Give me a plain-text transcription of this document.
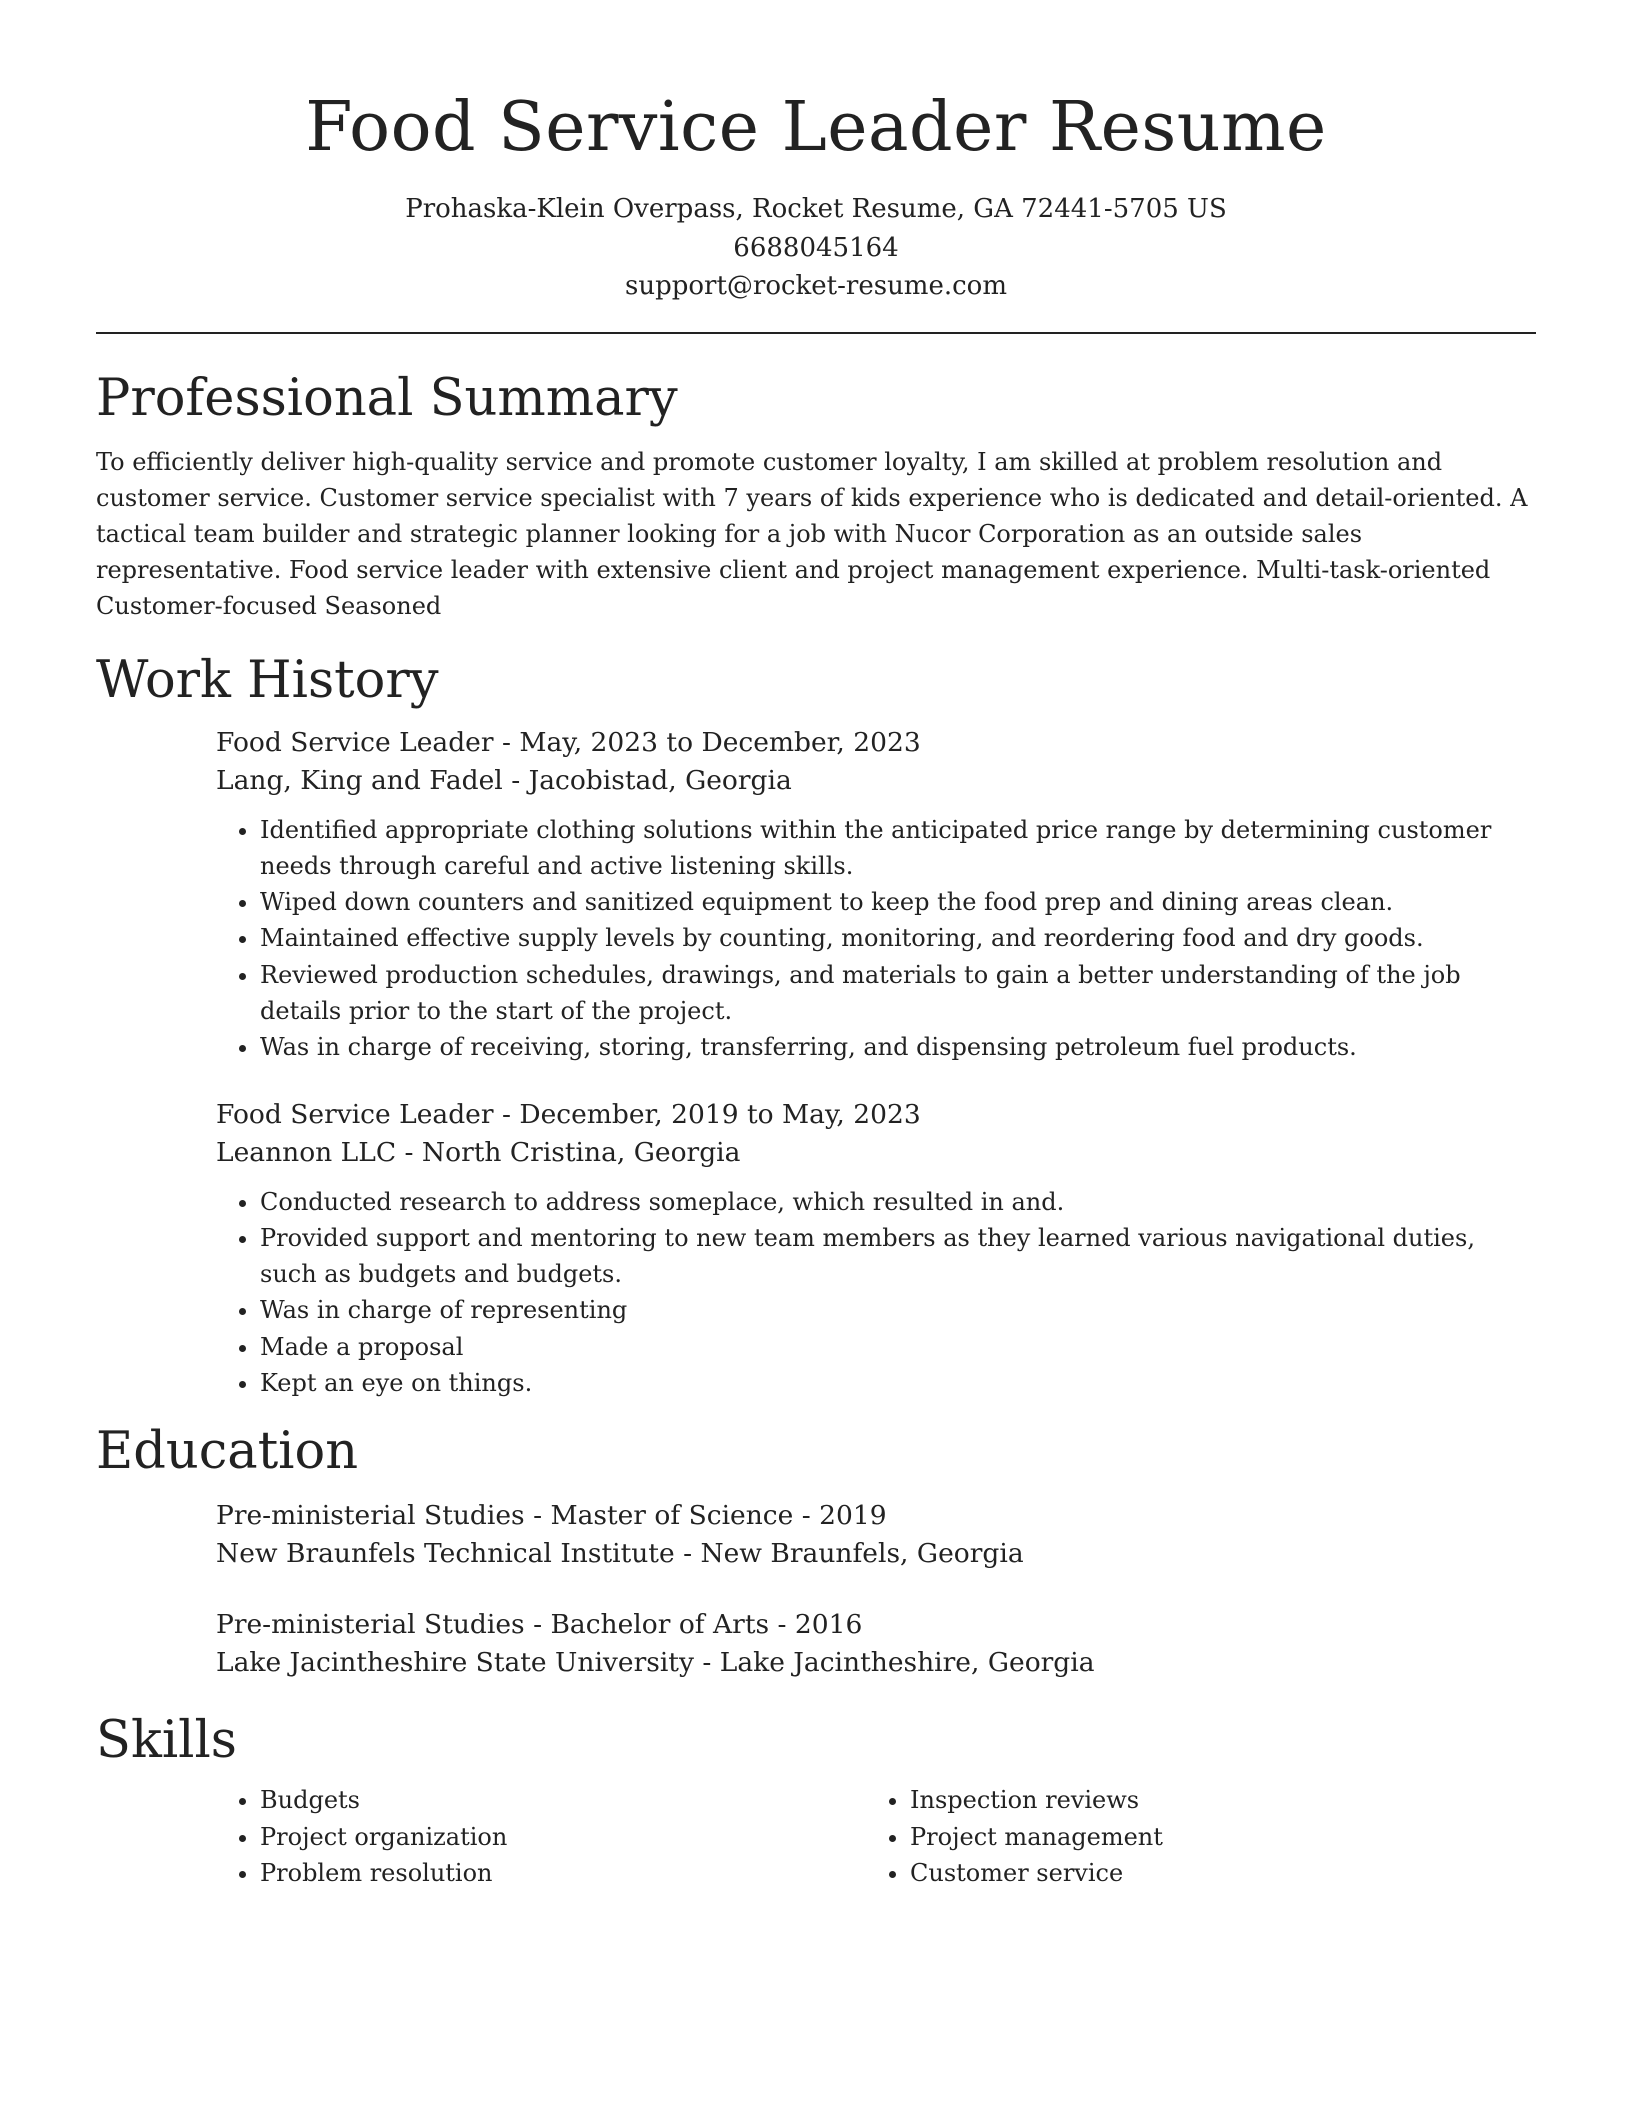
Food Service Leader Resume
Prohaska-Klein Overpass, Rocket Resume, GA 72441-5705 US
6688045164
support@rocket-resume.com
Professional Summary

To efficiently deliver high-quality service and promote customer loyalty, I am skilled at problem resolution and customer service. Customer service specialist with 7 years of kids experience who is dedicated and detail-oriented. A tactical team builder and strategic planner looking for a job with Nucor Corporation as an outside sales representative. Food service leader with extensive client and project management experience. Multi-task-oriented Customer-focused Seasoned

Work History
Food Service Leader - May, 2023 to December, 2023
Lang, King and Fadel - Jacobistad, Georgia
• Identified appropriate clothing solutions within the anticipated price range by determining customer needs through careful and active listening skills.
• Wiped down counters and sanitized equipment to keep the food prep and dining areas clean.
• Maintained effective supply levels by counting, monitoring, and reordering food and dry goods.
• Reviewed production schedules, drawings, and materials to gain a better understanding of the job details prior to the start of the project.
• Was in charge of receiving, storing, transferring, and dispensing petroleum fuel products.
Food Service Leader - December, 2019 to May, 2023
Leannon LLC - North Cristina, Georgia
• Conducted research to address someplace, which resulted in and.
• Provided support and mentoring to new team members as they learned various navigational duties, such as budgets and budgets.
• Was in charge of representing
• Made a proposal
• Kept an eye on things.
Education
Pre-ministerial Studies - Master of Science - 2019
New Braunfels Technical Institute - New Braunfels, Georgia
Pre-ministerial Studies - Bachelor of Arts - 2016
Lake Jacintheshire State University - Lake Jacintheshire, Georgia
Skills
• Budgets
• Project organization
• Problem resolution
• Inspection reviews
• Project management
• Customer service
